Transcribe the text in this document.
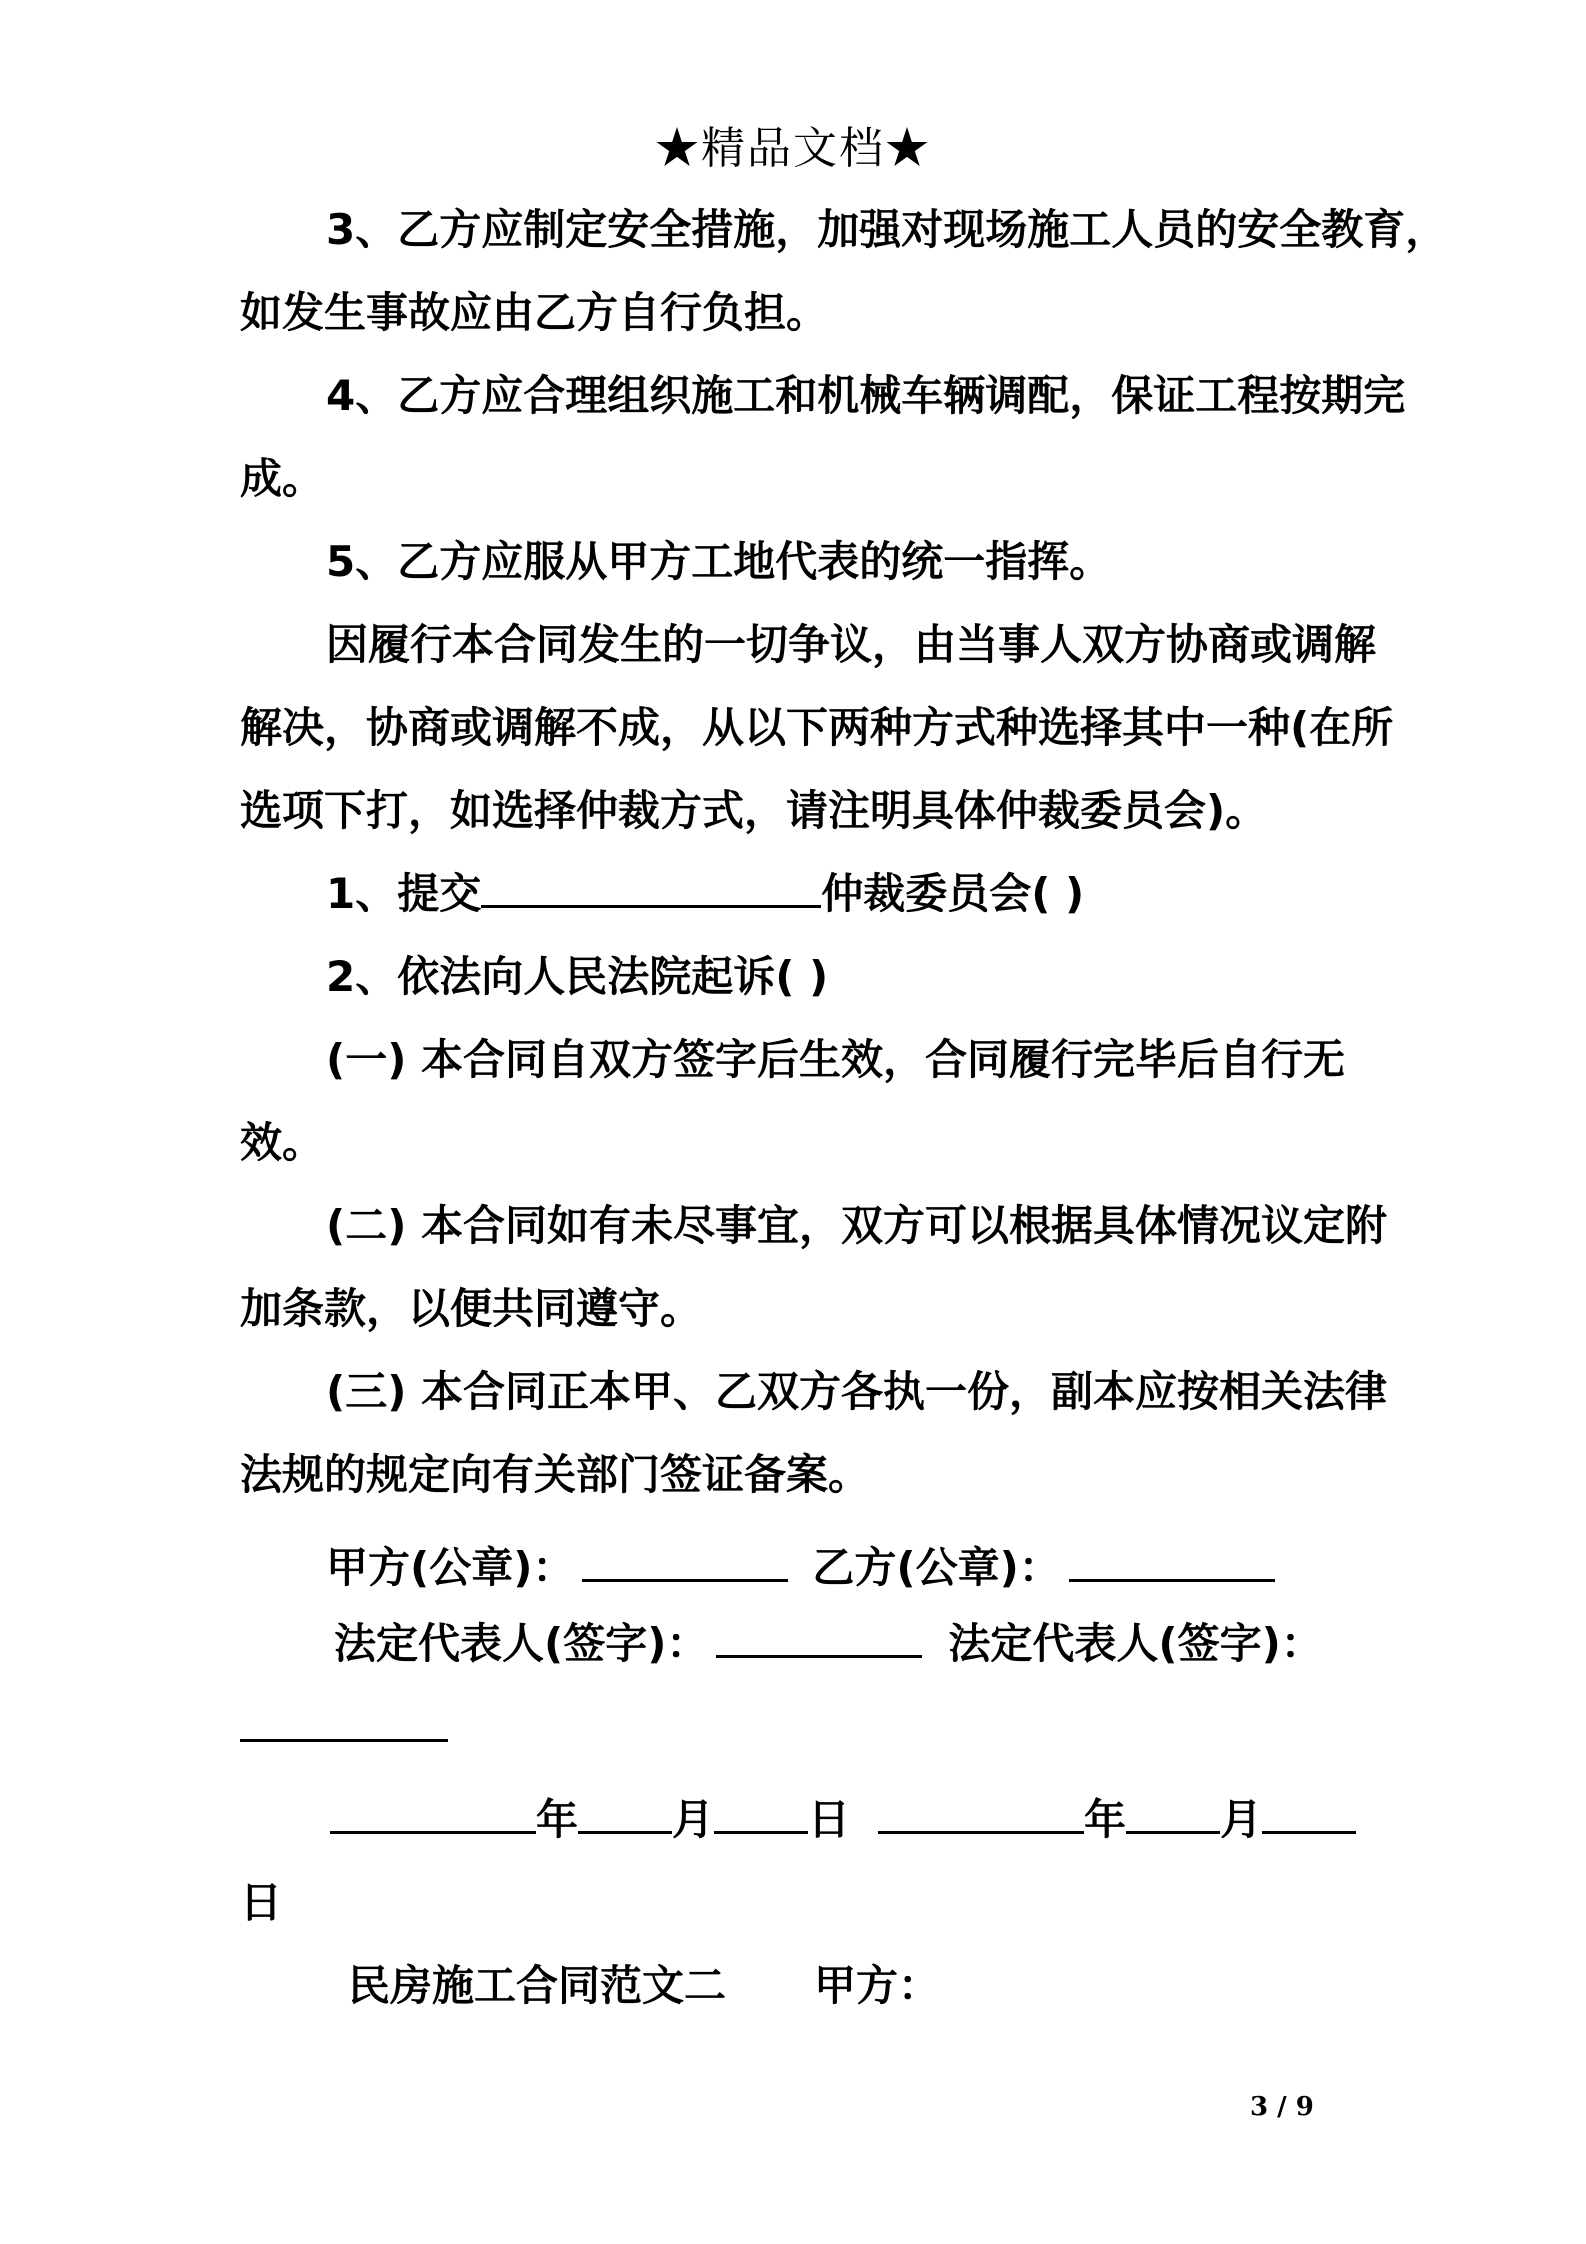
★精品文档★
3、乙方应制定安全措施，加强对现场施工人员的安全教育，
如发生事故应由乙方自行负担。
4、乙方应合理组织施工和机械车辆调配，保证工程按期完
成。
5、乙方应服从甲方工地代表的统一指挥。
因履行本合同发生的一切争议，由当事人双方协商或调解
解决，协商或调解不成，从以下两种方式种选择其中一种(在所
选项下打，如选择仲裁方式，请注明具体仲裁委员会)。
1、提交	仲裁委员会( )
2、依法向人民法院起诉( )
(一) 本合同自双方签字后生效，合同履行完毕后自行无
效。
(二) 本合同如有未尽事宜，双方可以根据具体情况议定附
加条款，以便共同遵守。
(三) 本合同正本甲、乙双方各执一份，副本应按相关法律
法规的规定向有关部门签证备案。
甲方(公章)：	乙方(公章)：
法定代表人(签字)：	法定代表人(签字)：
年 月 日	年 月
日
民房施工合同范文二 甲方：
3 / 9
